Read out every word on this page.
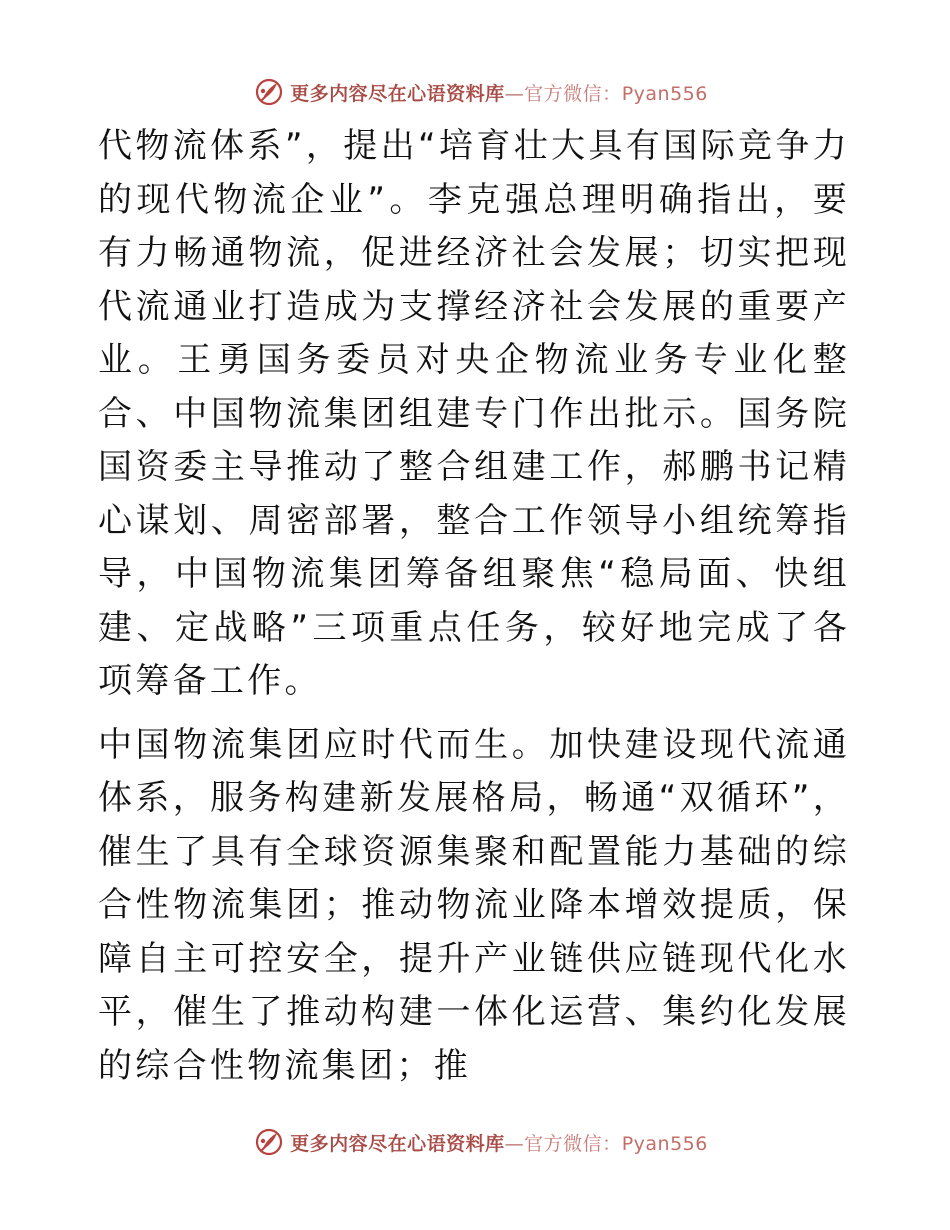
更多内容尽在心语资料库—官方微信：Pyan556

代物流体系”，提出“培育壮大具有国际竞争力的现代物流企业”。李克强总理明确指出，要有力畅通物流，促进经济社会发展；切实把现代流通业打造成为支撑经济社会发展的重要产业。王勇国务委员对央企物流业务专业化整合、中国物流集团组建专门作出批示。国务院国资委主导推动了整合组建工作，郝鹏书记精心谋划、周密部署，整合工作领导小组统筹指导，中国物流集团筹备组聚焦“稳局面、快组建、定战略”三项重点任务，较好地完成了各项筹备工作。

中国物流集团应时代而生。加快建设现代流通体系，服务构建新发展格局，畅通“双循环”，催生了具有全球资源集聚和配置能力基础的综合性物流集团；推动物流业降本增效提质，保障自主可控安全，提升产业链供应链现代化水平，催生了推动构建一体化运营、集约化发展的综合性物流集团；推

更多内容尽在心语资料库—官方微信：Pyan556
